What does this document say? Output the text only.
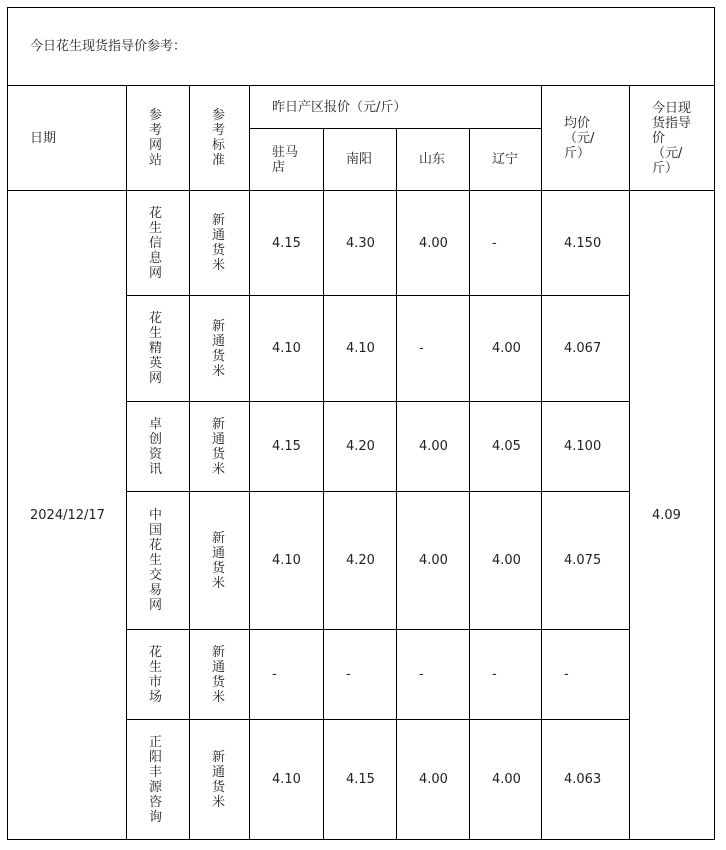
今日花生现货指导价参考：								
日期	参考网站	参考标准	昨日产区报价（元/斤）				均价（元/斤）	今日现货指导价（元/斤）

			驻马店	南阳	山东	辽宁		
2024/12/17	花生信息网	新通货米	4.15	4.30	4.00	-	4.150	4.09

	花生精英网	新通货米	4.10	4.10	-	4.00	4.067	

	卓创资讯	新通货米	4.15	4.20	4.00	4.05	4.100	

	中国花生交易网	新通货米	4.10	4.20	4.00	4.00	4.075	

	花生市场	新通货米	-	-	-	-	-	

	正阳丰源咨询	新通货米	4.10	4.15	4.00	4.00	4.063	
